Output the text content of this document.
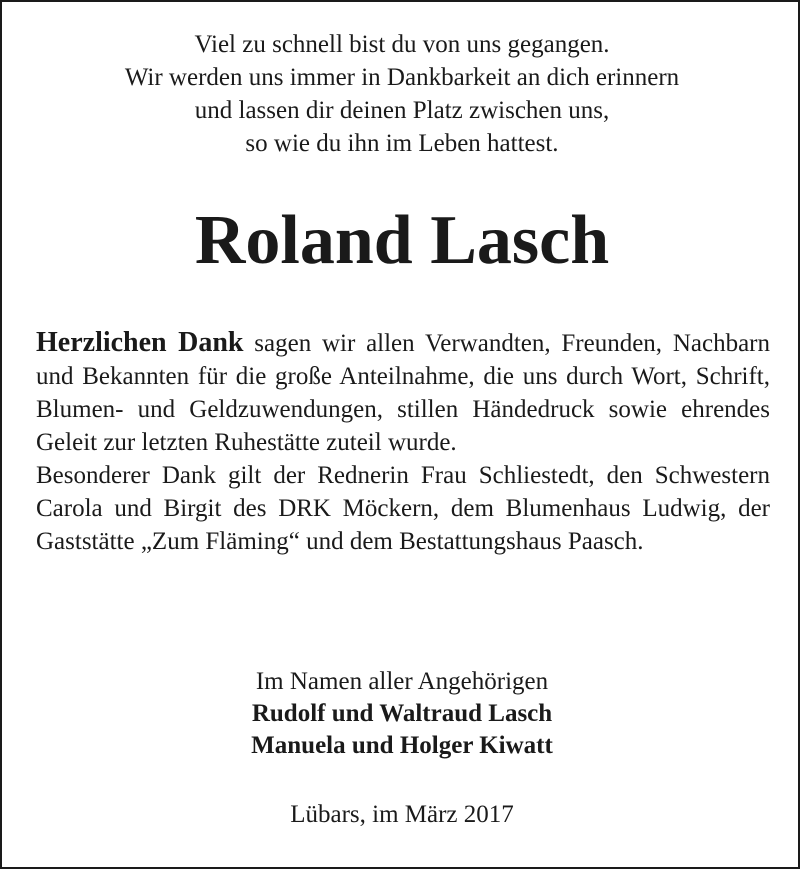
Viel zu schnell bist du von uns gegangen.
Wir werden uns immer in Dankbarkeit an dich erinnern
und lassen dir deinen Platz zwischen uns,
so wie du ihn im Leben hattest.
Roland Lasch

Herzlichen Dank sagen wir allen Verwandten, Freunden, Nachbarn und Bekannten für die große Anteilnahme, die uns durch Wort, Schrift, Blumen- und Geldzuwendungen, stillen Händedruck sowie ehrendes Geleit zur letzten Ruhestätte zuteil wurde.

Besonderer Dank gilt der Rednerin Frau Schliestedt, den Schwestern Carola und Birgit des DRK Möckern, dem Blumenhaus Ludwig, der Gaststätte „Zum Fläming“ und dem Bestattungshaus Paasch.

Im Namen aller Angehörigen
Rudolf und Waltraud Lasch
Manuela und Holger Kiwatt
Lübars, im März 2017
